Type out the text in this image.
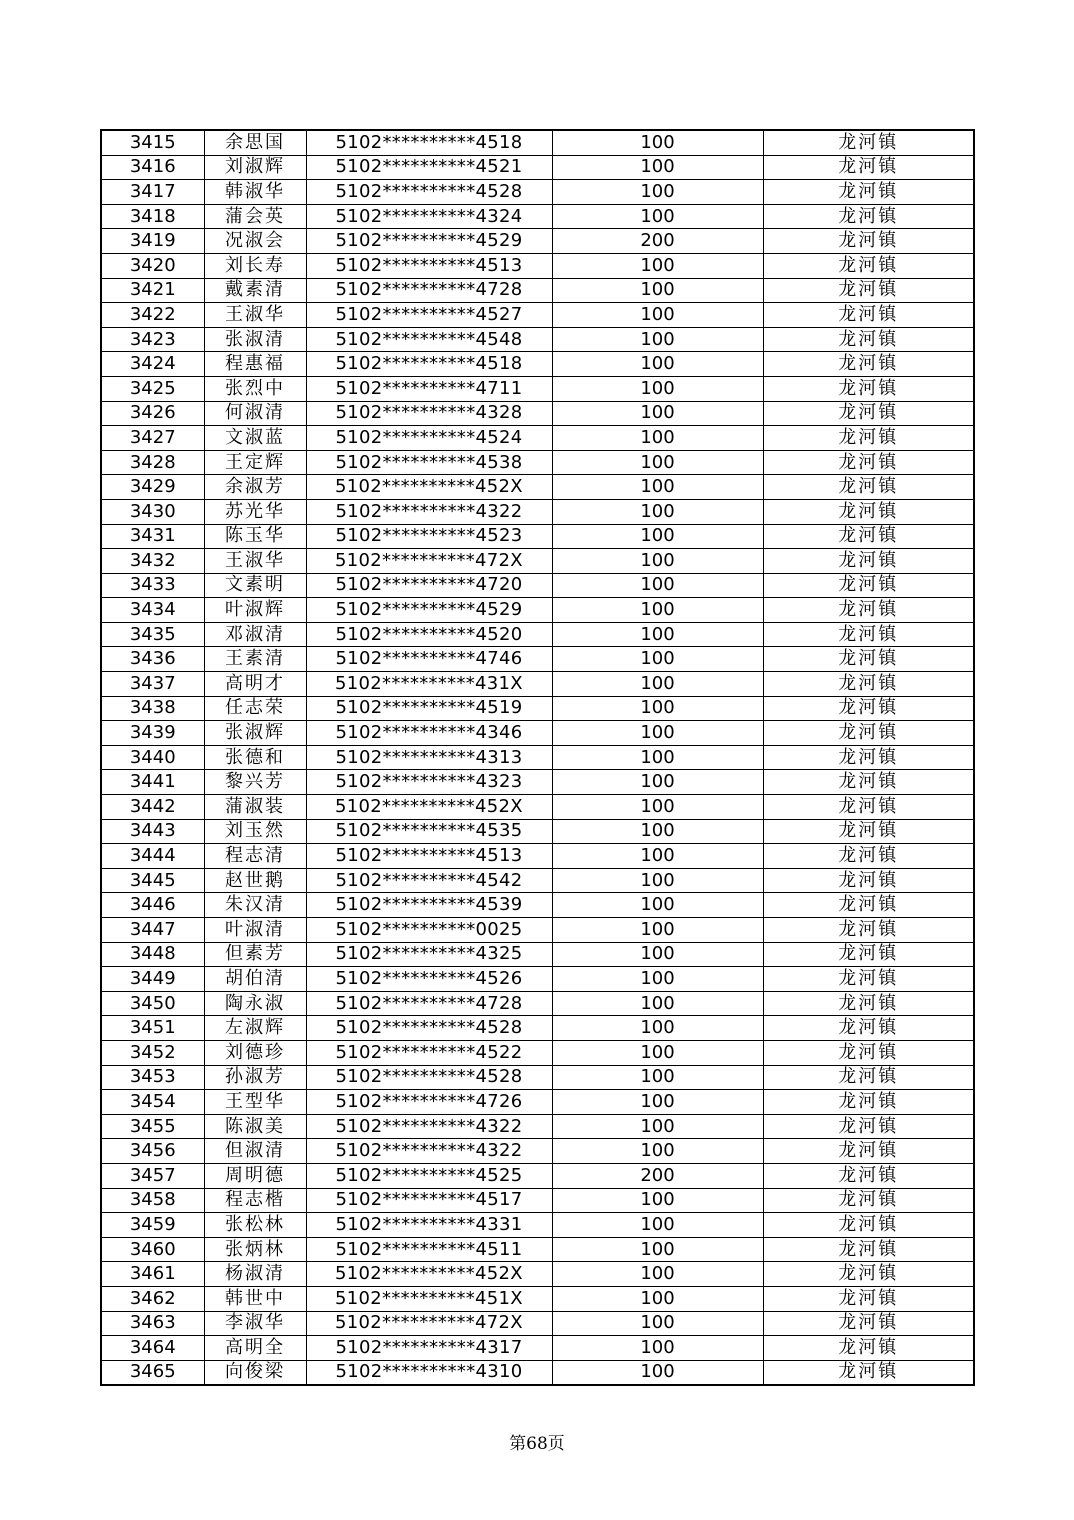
3415	余思国	5102**********4518	100	龙河镇
3416	刘淑辉	5102**********4521	100	龙河镇
3417	韩淑华	5102**********4528	100	龙河镇
3418	蒲会英	5102**********4324	100	龙河镇
3419	况淑会	5102**********4529	200	龙河镇
3420	刘长寿	5102**********4513	100	龙河镇
3421	戴素清	5102**********4728	100	龙河镇
3422	王淑华	5102**********4527	100	龙河镇
3423	张淑清	5102**********4548	100	龙河镇
3424	程惠福	5102**********4518	100	龙河镇
3425	张烈中	5102**********4711	100	龙河镇
3426	何淑清	5102**********4328	100	龙河镇
3427	文淑蓝	5102**********4524	100	龙河镇
3428	王定辉	5102**********4538	100	龙河镇
3429	余淑芳	5102**********452X	100	龙河镇
3430	苏光华	5102**********4322	100	龙河镇
3431	陈玉华	5102**********4523	100	龙河镇
3432	王淑华	5102**********472X	100	龙河镇
3433	文素明	5102**********4720	100	龙河镇
3434	叶淑辉	5102**********4529	100	龙河镇
3435	邓淑清	5102**********4520	100	龙河镇
3436	王素清	5102**********4746	100	龙河镇
3437	高明才	5102**********431X	100	龙河镇
3438	任志荣	5102**********4519	100	龙河镇
3439	张淑辉	5102**********4346	100	龙河镇
3440	张德和	5102**********4313	100	龙河镇
3441	黎兴芳	5102**********4323	100	龙河镇
3442	蒲淑装	5102**********452X	100	龙河镇
3443	刘玉然	5102**********4535	100	龙河镇
3444	程志清	5102**********4513	100	龙河镇
3445	赵世鹅	5102**********4542	100	龙河镇
3446	朱汉清	5102**********4539	100	龙河镇
3447	叶淑清	5102**********0025	100	龙河镇
3448	但素芳	5102**********4325	100	龙河镇
3449	胡伯清	5102**********4526	100	龙河镇
3450	陶永淑	5102**********4728	100	龙河镇
3451	左淑辉	5102**********4528	100	龙河镇
3452	刘德珍	5102**********4522	100	龙河镇
3453	孙淑芳	5102**********4528	100	龙河镇
3454	王型华	5102**********4726	100	龙河镇
3455	陈淑美	5102**********4322	100	龙河镇
3456	但淑清	5102**********4322	100	龙河镇
3457	周明德	5102**********4525	200	龙河镇
3458	程志楷	5102**********4517	100	龙河镇
3459	张松林	5102**********4331	100	龙河镇
3460	张炳林	5102**********4511	100	龙河镇
3461	杨淑清	5102**********452X	100	龙河镇
3462	韩世中	5102**********451X	100	龙河镇
3463	李淑华	5102**********472X	100	龙河镇
3464	高明全	5102**********4317	100	龙河镇
3465	向俊梁	5102**********4310	100	龙河镇
第68页
